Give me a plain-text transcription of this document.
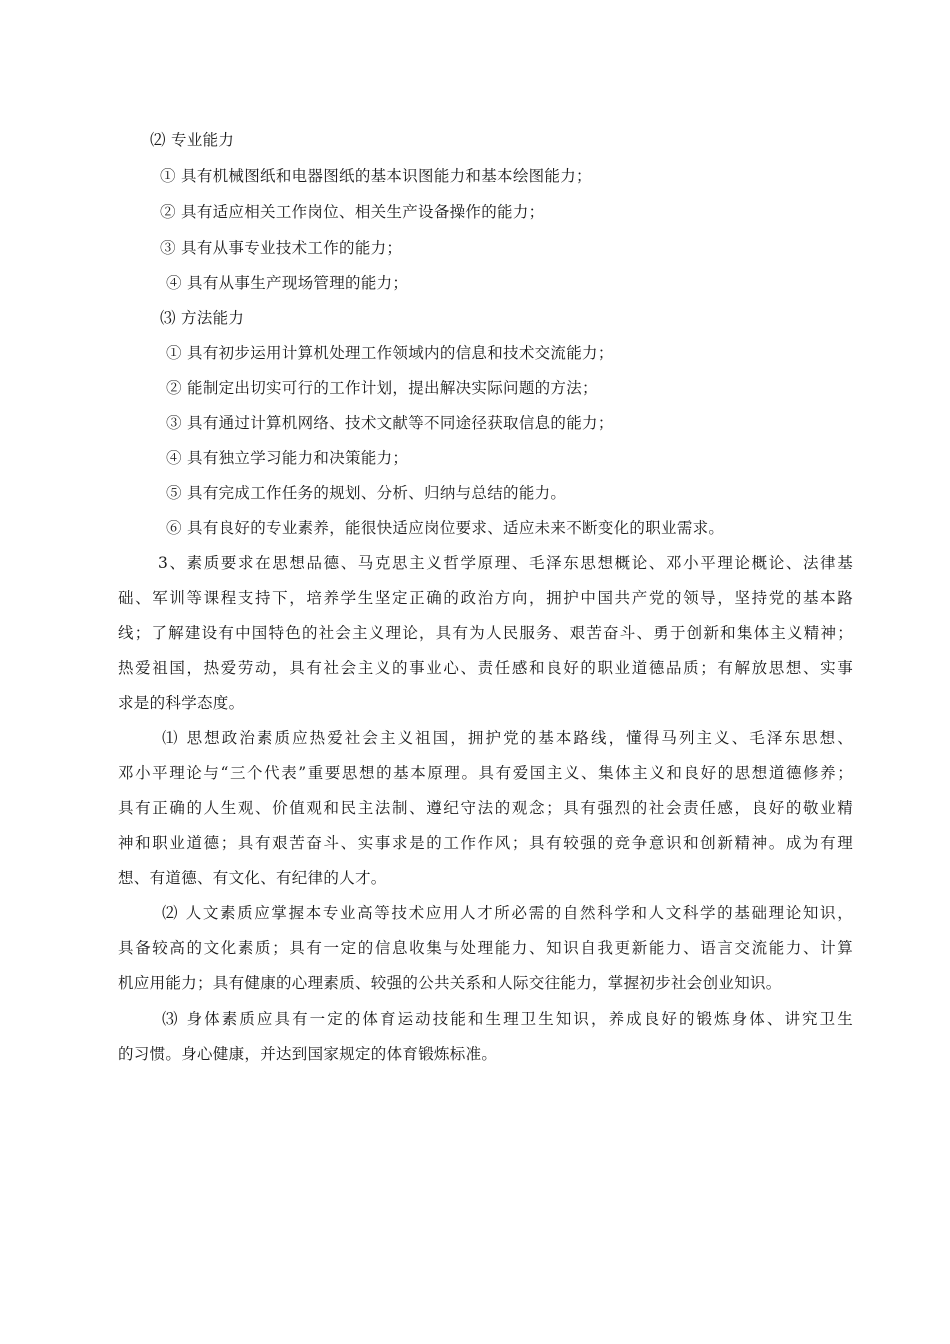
⑵ 专业能力
① 具有机械图纸和电器图纸的基本识图能力和基本绘图能力；
② 具有适应相关工作岗位、相关生产设备操作的能力；
③ 具有从事专业技术工作的能力；
④ 具有从事生产现场管理的能力；
⑶ 方法能力
① 具有初步运用计算机处理工作领域内的信息和技术交流能力；
② 能制定出切实可行的工作计划，提出解决实际问题的方法；
③ 具有通过计算机网络、技术文献等不同途径获取信息的能力；
④ 具有独立学习能力和决策能力；
⑤ 具有完成工作任务的规划、分析、归纳与总结的能力。
⑥ 具有良好的专业素养，能很快适应岗位要求、适应未来不断变化的职业需求。
3、素质要求在思想品德、马克思主义哲学原理、毛泽东思想概论、邓小平理论概论、法律基
础、军训等课程支持下，培养学生坚定正确的政治方向，拥护中国共产党的领导，坚持党的基本路
线；了解建设有中国特色的社会主义理论，具有为人民服务、艰苦奋斗、勇于创新和集体主义精神；
热爱祖国，热爱劳动，具有社会主义的事业心、责任感和良好的职业道德品质；有解放思想、实事
求是的科学态度。
⑴ 思想政治素质应热爱社会主义祖国，拥护党的基本路线，懂得马列主义、毛泽东思想、
邓小平理论与“三个代表”重要思想的基本原理。具有爱国主义、集体主义和良好的思想道德修养；
具有正确的人生观、价值观和民主法制、遵纪守法的观念；具有强烈的社会责任感，良好的敬业精
神和职业道德；具有艰苦奋斗、实事求是的工作作风；具有较强的竞争意识和创新精神。成为有理
想、有道德、有文化、有纪律的人才。
⑵ 人文素质应掌握本专业高等技术应用人才所必需的自然科学和人文科学的基础理论知识，
具备较高的文化素质；具有一定的信息收集与处理能力、知识自我更新能力、语言交流能力、计算
机应用能力；具有健康的心理素质、较强的公共关系和人际交往能力，掌握初步社会创业知识。
⑶ 身体素质应具有一定的体育运动技能和生理卫生知识，养成良好的锻炼身体、讲究卫生
的习惯。身心健康，并达到国家规定的体育锻炼标准。
